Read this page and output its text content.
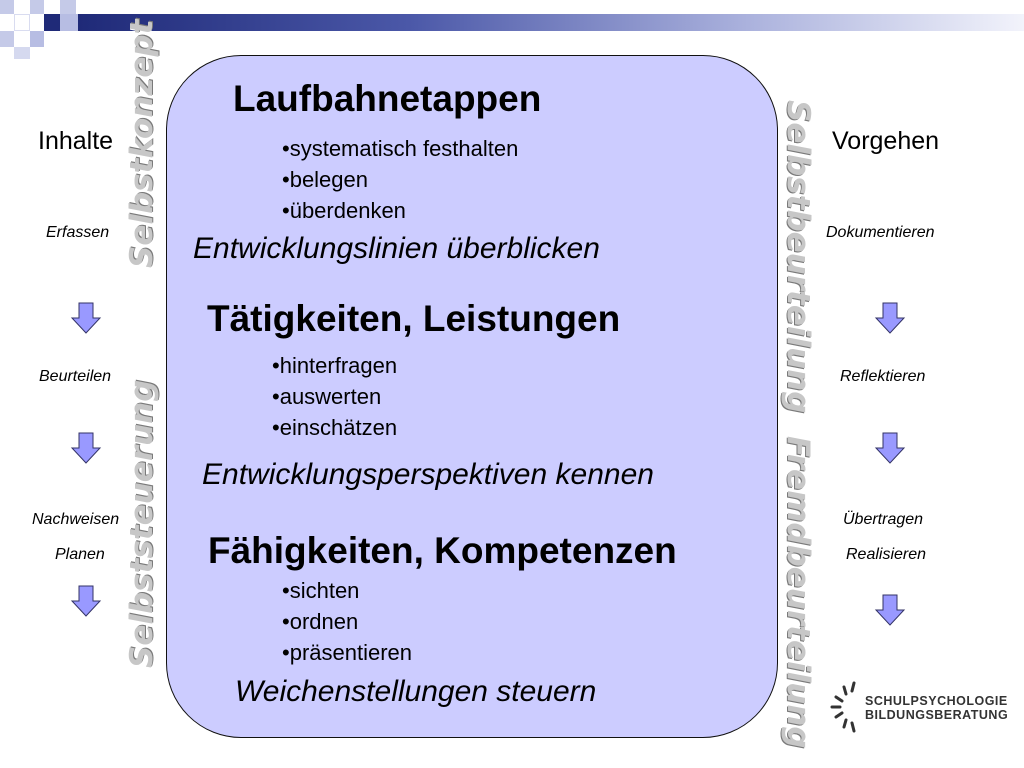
Laufbahnetappen
•systematisch festhalten
•belegen
•überdenken
Entwicklungslinien überblicken
Tätigkeiten, Leistungen
•hinterfragen
•auswerten
•einschätzen
Entwicklungsperspektiven kennen
Fähigkeiten, Kompetenzen
•sichten
•ordnen
•präsentieren
Weichenstellungen steuern
Inhalte
Erfassen
Beurteilen
Nachweisen
Planen
Selbstkonzept
Selbststeuerung
Vorgehen
Dokumentieren
Reflektieren
Übertragen
Realisieren
Selbstbeurteilung
Fremdbeurteilung	SCHULPSYCHOLOGIE
BILDUNGSBERATUNG
